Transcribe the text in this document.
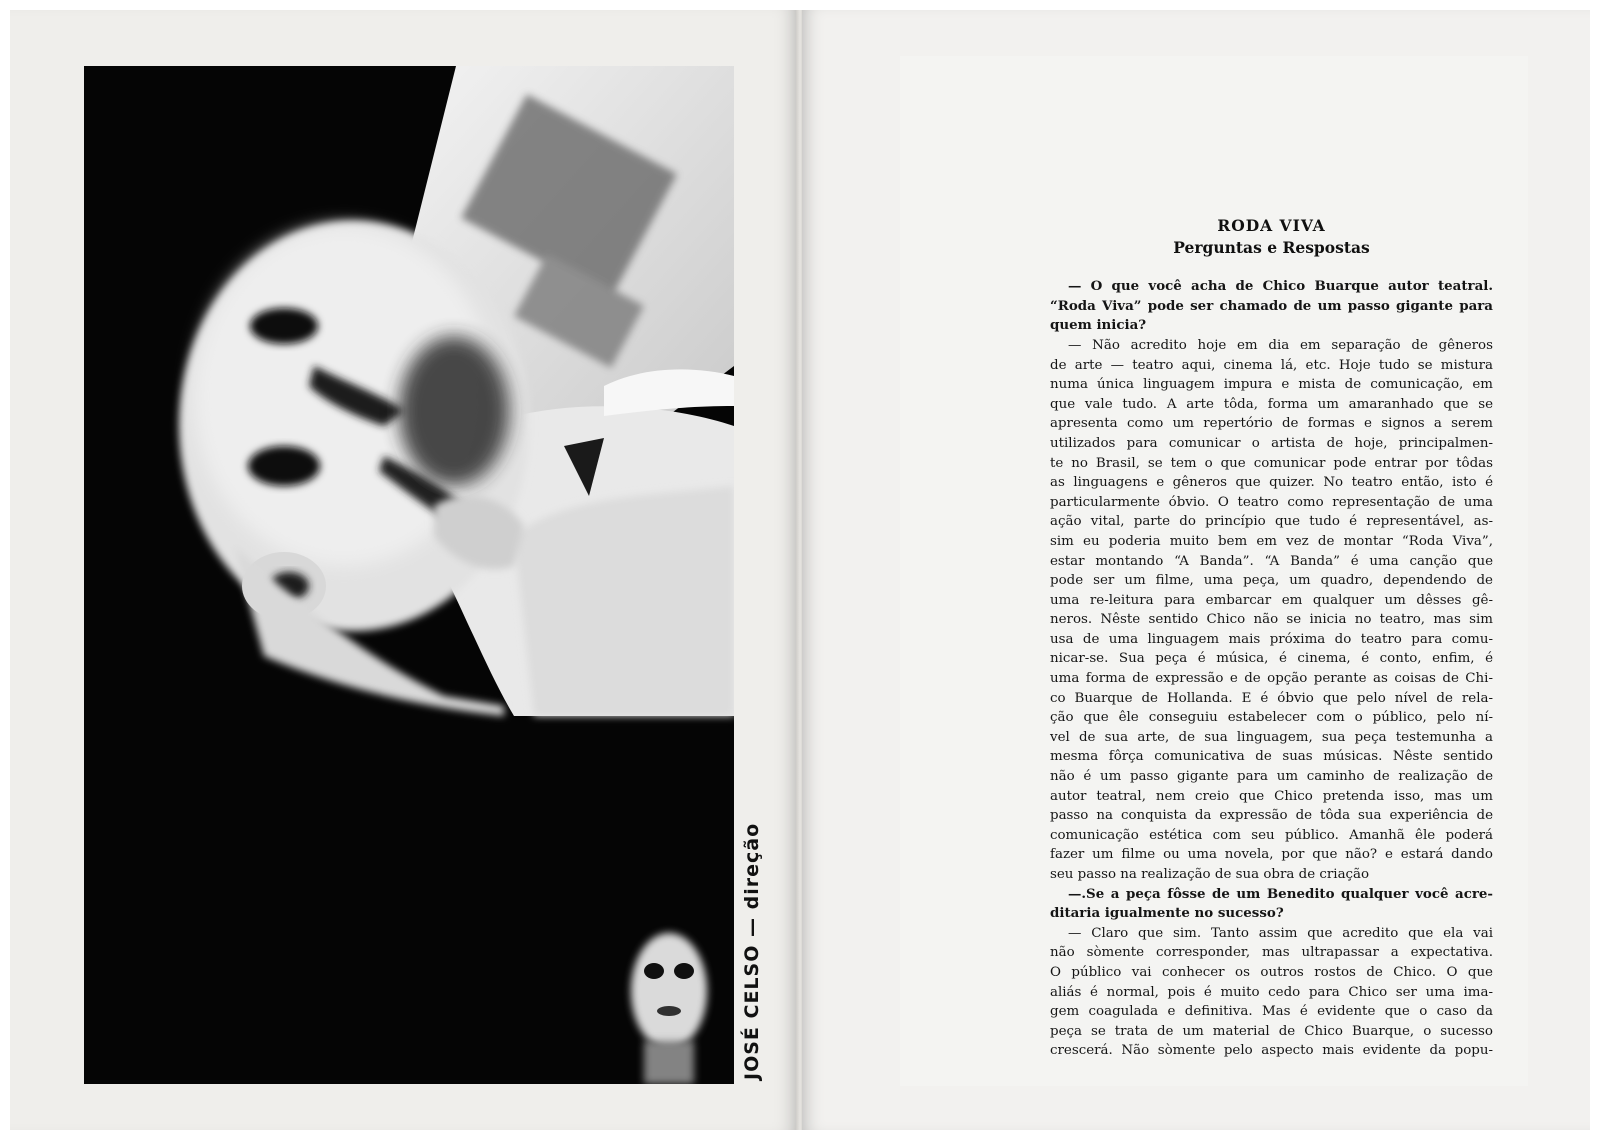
JOSÉ CELSO — direção
RODA VIVA
Perguntas e Respostas
— O que você acha de Chico Buarque autor teatral.
“Roda Viva” pode ser chamado de um passo gigante para
quem inicia?
— Não acredito hoje em dia em separação de gêneros
de arte — teatro aqui, cinema lá, etc. Hoje tudo se mistura
numa única linguagem impura e mista de comunicação, em
que vale tudo. A arte tôda, forma um amaranhado que se
apresenta como um repertório de formas e signos a serem
utilizados para comunicar o artista de hoje, principalmen-
te no Brasil, se tem o que comunicar pode entrar por tôdas
as linguagens e gêneros que quizer. No teatro então, isto é
particularmente óbvio. O teatro como representação de uma
ação vital, parte do princípio que tudo é representável, as-
sim eu poderia muito bem em vez de montar “Roda Viva”,
estar montando “A Banda”. “A Banda” é uma canção que
pode ser um filme, uma peça, um quadro, dependendo de
uma re-leitura para embarcar em qualquer um dêsses gê-
neros. Nêste sentido Chico não se inicia no teatro, mas sim
usa de uma linguagem mais próxima do teatro para comu-
nicar-se. Sua peça é música, é cinema, é conto, enfim, é
uma forma de expressão e de opção perante as coisas de Chi-
co Buarque de Hollanda. E é óbvio que pelo nível de rela-
ção que êle conseguiu estabelecer com o público, pelo ní-
vel de sua arte, de sua linguagem, sua peça testemunha a
mesma fôrça comunicativa de suas músicas. Nêste sentido
não é um passo gigante para um caminho de realização de
autor teatral, nem creio que Chico pretenda isso, mas um
passo na conquista da expressão de tôda sua experiência de
comunicação estética com seu público. Amanhã êle poderá
fazer um filme ou uma novela, por que não? e estará dando
seu passo na realização de sua obra de criação
—.Se a peça fôsse de um Benedito qualquer você acre-
ditaria igualmente no sucesso?
— Claro que sim. Tanto assim que acredito que ela vai
não sòmente corresponder, mas ultrapassar a expectativa.
O público vai conhecer os outros rostos de Chico. O que
aliás é normal, pois é muito cedo para Chico ser uma ima-
gem coagulada e definitiva. Mas é evidente que o caso da
peça se trata de um material de Chico Buarque, o sucesso
crescerá. Não sòmente pelo aspecto mais evidente da popu-
